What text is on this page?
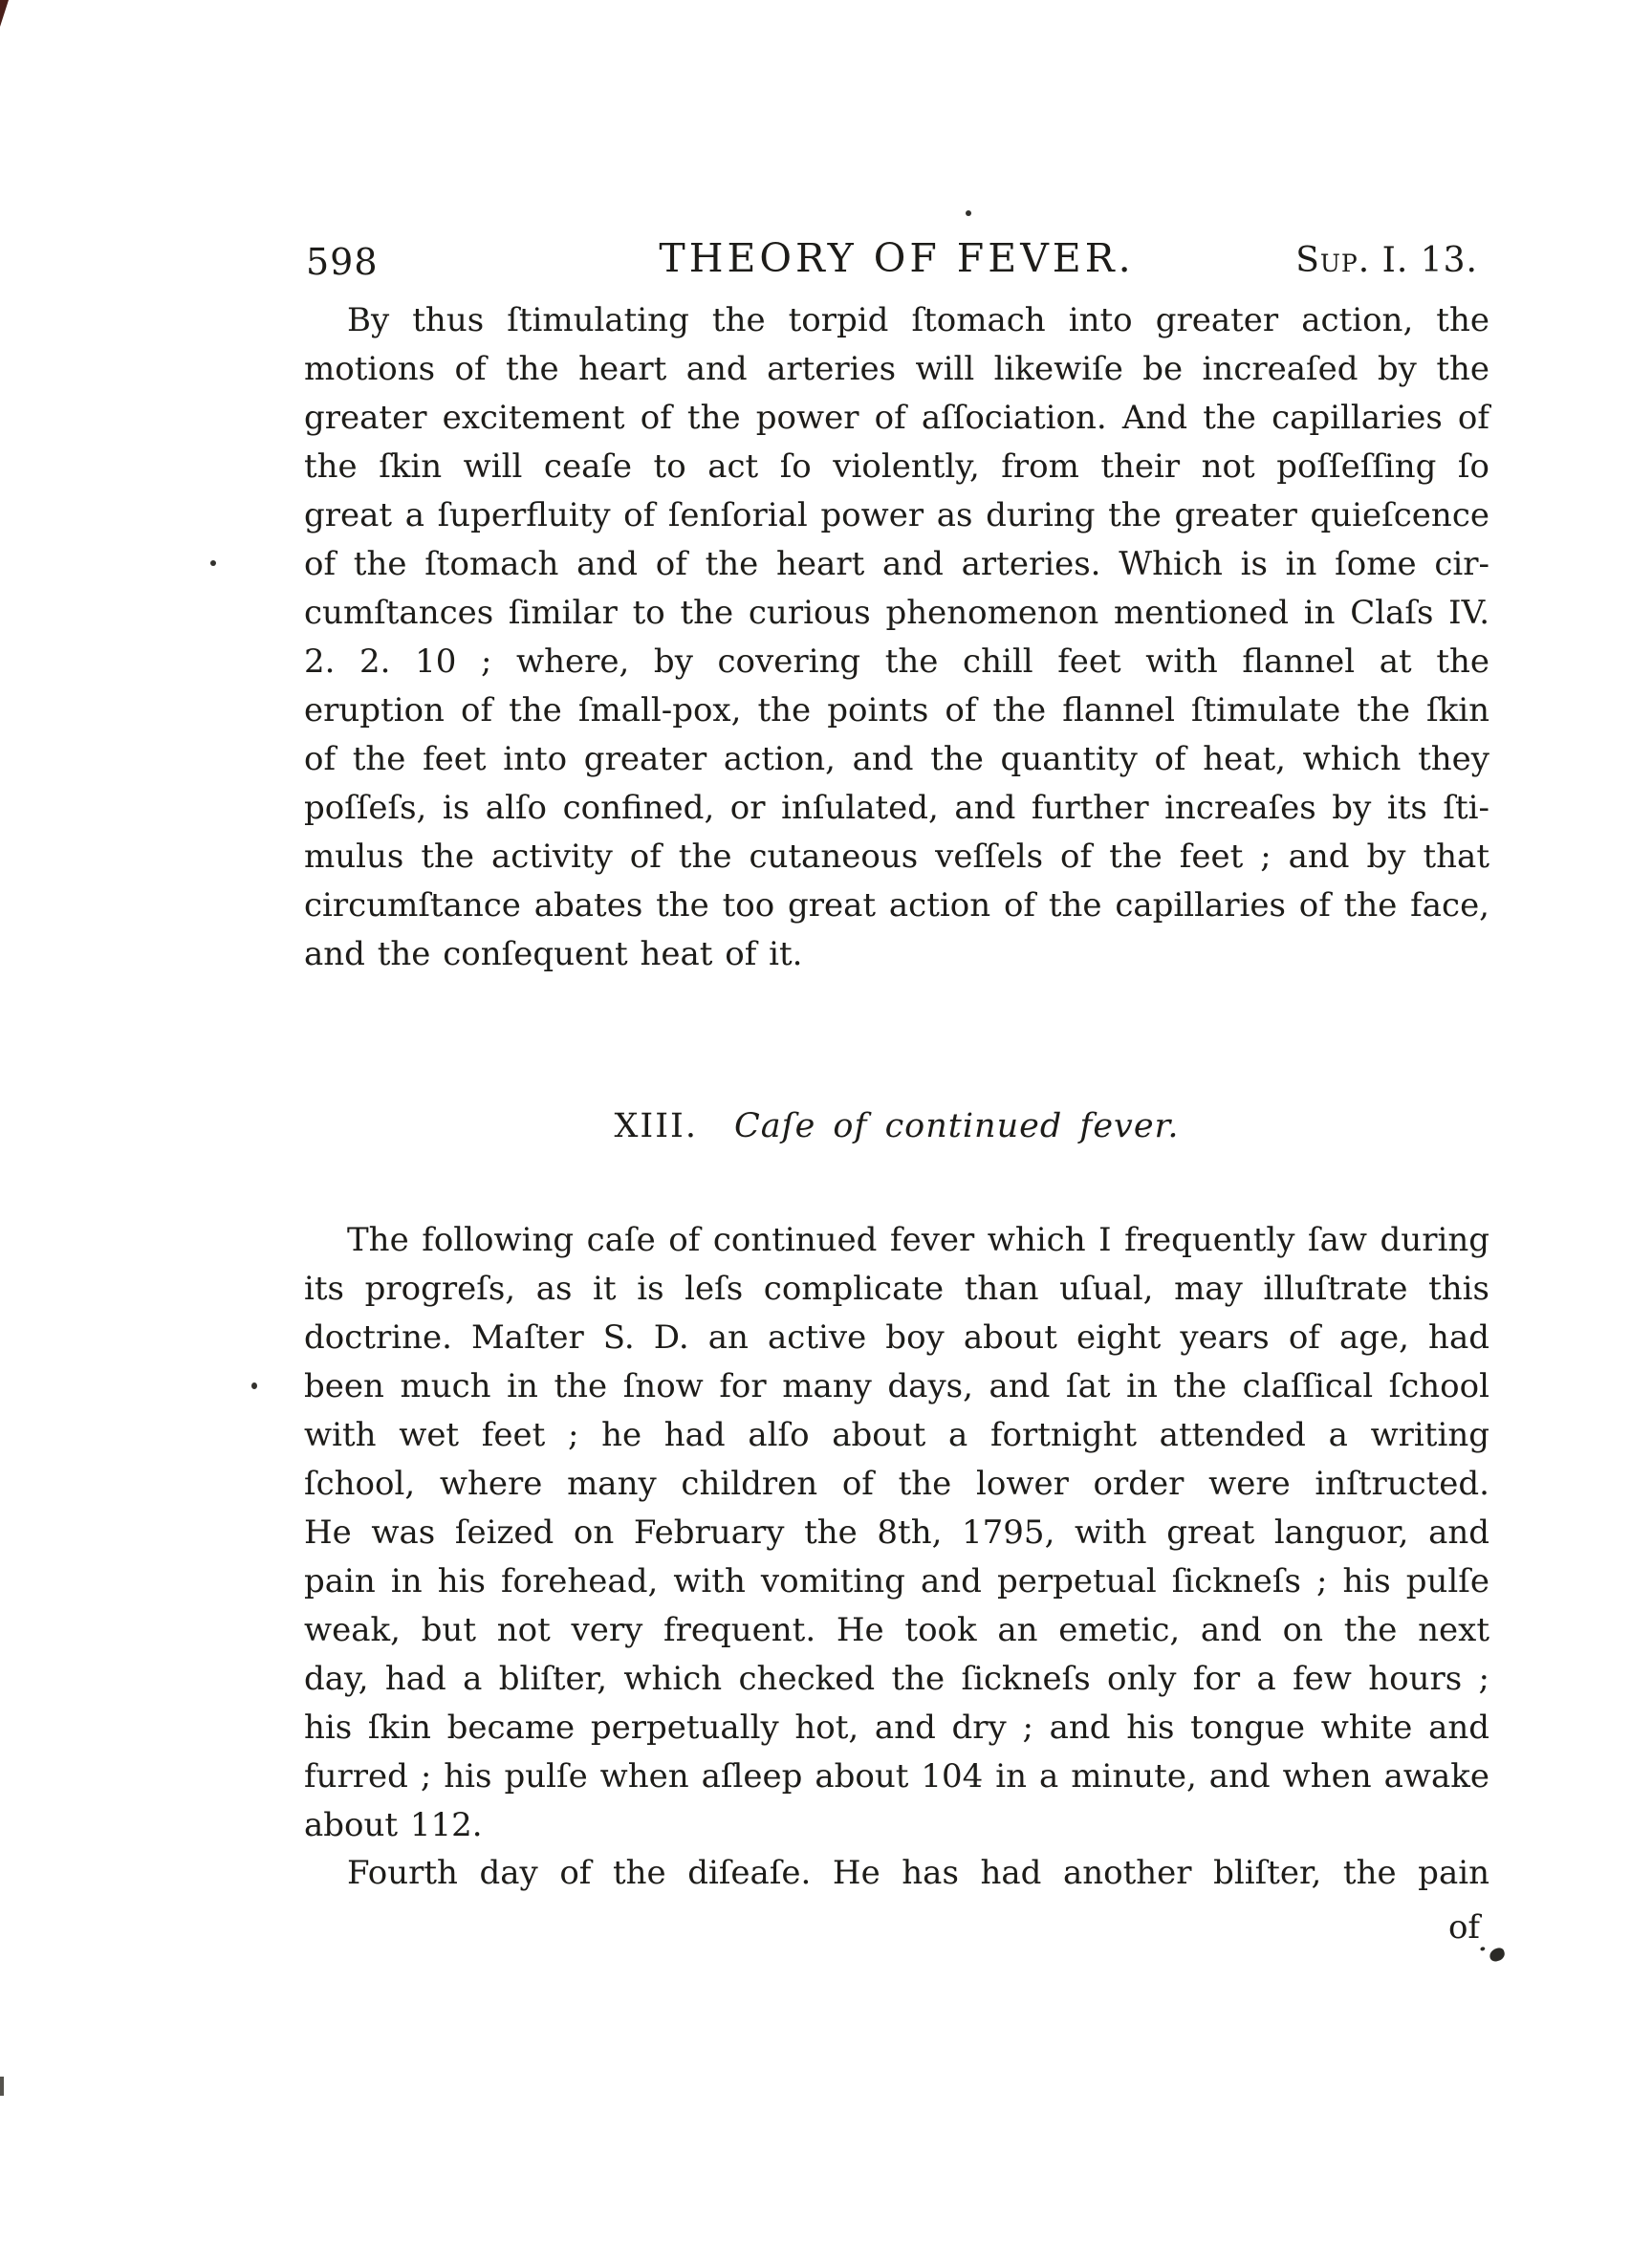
598	THEORY OF FEVER.	Sup. I. 13.
By thus ſtimulating the torpid ſtomach into greater action, the
motions of the heart and arteries will likewiſe be increaſed by the
greater excitement of the power of aſſociation. And the capillaries of
the ſkin will ceaſe to act ſo violently, from their not poſſeſſing ſo
great a ſuperfluity of ſenſorial power as during the greater quieſcence
of the ſtomach and of the heart and arteries. Which is in ſome cir-
cumſtances ſimilar to the curious phenomenon mentioned in Claſs IV.
2. 2. 10 ; where, by covering the chill feet with flannel at the
eruption of the ſmall-pox, the points of the flannel ſtimulate the ſkin
of the feet into greater action, and the quantity of heat, which they
poſſeſs, is alſo confined, or inſulated, and further increaſes by its ſti-
mulus the activity of the cutaneous veſſels of the feet ; and by that
circumſtance abates the too great action of the capillaries of the face,
and the conſequent heat of it.
XIII. Caſe of continued fever.
The following caſe of continued fever which I frequently ſaw during
its progreſs, as it is leſs complicate than uſual, may illuſtrate this
doctrine. Maſter S. D. an active boy about eight years of age, had
been much in the ſnow for many days, and ſat in the claſſical ſchool
with wet feet ; he had alſo about a fortnight attended a writing
ſchool, where many children of the lower order were inſtructed.
He was ſeized on February the 8th, 1795, with great languor, and
pain in his forehead, with vomiting and perpetual ſickneſs ; his pulſe
weak, but not very frequent. He took an emetic, and on the next
day, had a bliſter, which checked the ſickneſs only for a few hours ;
his ſkin became perpetually hot, and dry ; and his tongue white and
furred ; his pulſe when aſleep about 104 in a minute, and when awake
about 112.
Fourth day of the diſeaſe. He has had another bliſter, the pain
of
